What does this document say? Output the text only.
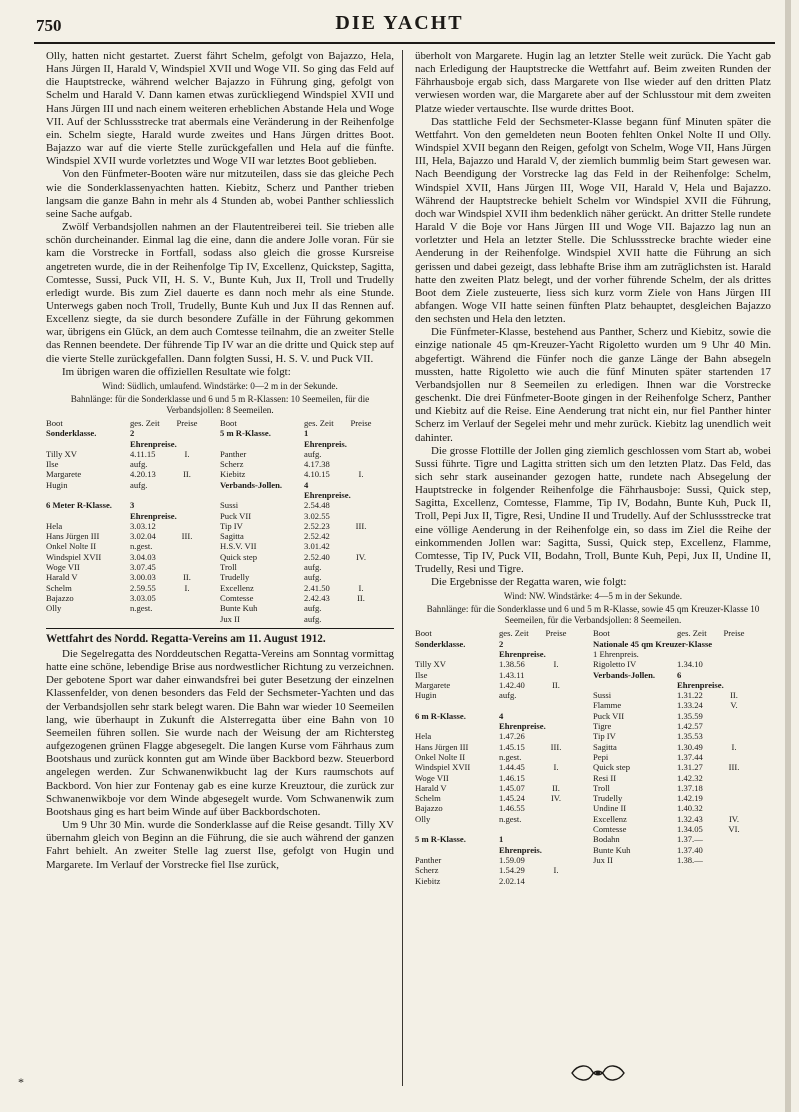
750	DIE YACHT

Olly, hatten nicht gestartet. Zuerst fährt Schelm, gefolgt von Bajazzo, Hela, Hans Jürgen II, Harald V, Windspiel XVII und Woge VII. So ging das Feld auf die Hauptstrecke, während welcher Bajazzo in Führung ging, gefolgt von Schelm und Harald V. Dann kamen etwas zurückliegend Windspiel XVII und Hans Jürgen III und nach einem weiteren erheblichen Abstande Hela und Woge VII. Auf der Schlussstrecke trat abermals eine Veränderung in der Reihenfolge ein. Schelm siegte, Harald wurde zweites und Hans Jürgen drittes Boot. Bajazzo war auf die vierte Stelle zurückgefallen und Hela auf die fünfte. Windspiel XVII wurde vorletztes und Woge VII war letztes Boot geblieben.

Von den Fünfmeter-Booten wäre nur mitzuteilen, dass sie das gleiche Pech wie die Sonderklassenyachten hatten. Kiebitz, Scherz und Panther trieben langsam die ganze Bahn in mehr als 4 Stunden ab, wobei Panther schliesslich seine Sache aufgab.

Zwölf Verbandsjollen nahmen an der Flautentreiberei teil. Sie trieben alle schön durcheinander. Einmal lag die eine, dann die andere Jolle voran. Für sie kam die Vorstrecke in Fortfall, sodass also gleich die grosse Kursreise angetreten wurde, die in der Reihenfolge Tip IV, Excellenz, Quickstep, Sagitta, Comtesse, Sussi, Puck VII, H. S. V., Bunte Kuh, Jux II, Troll und Trudelly erledigt wurde. Bis zum Ziel dauerte es dann noch mehr als eine Stunde. Unterwegs gaben noch Troll, Trudelly, Bunte Kuh und Jux II das Rennen auf. Excellenz siegte, da sie durch besondere Zufälle in der Führung gekommen war, übrigens ein Glück, an dem auch Comtesse teilnahm, die an zweiter Stelle das Rennen beendete. Der führende Tip IV war an die dritte und Quick step auf die vierte Stelle zurückgefallen. Dann folgten Sussi, H. S. V. und Puck VII.

Im übrigen waren die offiziellen Resultate wie folgt:

Wind: Südlich, umlaufend. Windstärke: 0—2 m in der Sekunde.
Bahnlänge: für die Sonderklasse und 6 und 5 m R-Klassen: 10 Seemeilen, für die Verbandsjollen: 8 Seemeilen.
Boot	ges. Zeit	Preise
Sonderklasse.	2 Ehrenpreise.

Tilly XV	4.11.15	I.
Ilse	aufg.

Margarete	4.20.13	II.
Hugin	aufg.

6 Meter R-Klasse.	3 Ehrenpreise.

Hela	3.03.12

Hans Jürgen III	3.02.04	III.
Onkel Nolte II	n.gest.

Windspiel XVII	3.04.03

Woge VII	3.07.45

Harald V	3.00.03	II.
Schelm	2.59.55	I.
Bajazzo	3.03.05

Olly	n.gest.

Boot	ges. Zeit	Preise
5 m R-Klasse.	1 Ehrenpreis.

Panther	aufg.

Scherz	4.17.38

Kiebitz	4.10.15	I.
Verbands-Jollen.	4 Ehrenpreise.

Sussi	2.54.48

Puck VII	3.02.55

Tip IV	2.52.23	III.
Sagitta	2.52.42

H.S.V. VII	3.01.42

Quick step	2.52.40	IV.
Troll	aufg.

Trudelly	aufg.

Excellenz	2.41.50	I.
Comtesse	2.42.43	II.
Bunte Kuh	aufg.

Jux II	aufg.

Wettfahrt des Nordd. Regatta-Vereins am 11. August 1912.

Die Segelregatta des Norddeutschen Regatta-Vereins am Sonntag vormittag hatte eine schöne, lebendige Brise aus nordwestlicher Richtung zu verzeichnen. Der gebotene Sport war daher einwandsfrei bei guter Besetzung der einzelnen Klassenfelder, von denen besonders das Feld der Sechsmeter-Yachten und das der Verbandsjollen sehr stark belegt waren. Die Bahn war wieder 10 Seemeilen lang, wie überhaupt in Zukunft die Alsterregatta über eine Bahn von 10 Seemeilen führen sollen. Sie wurde nach der Weisung der am Richtersteg aufgezogenen grünen Flagge abgesegelt. Die langen Kurse vom Fährhaus zum Bootshaus und zurück konnten gut am Winde über Backbord bezw. Steuerbord angelegen werden. Zur Schwanenwikbucht lag der Kurs raumschots auf Backbord. Von hier zur Fontenay gab es eine kurze Kreuztour, die zurück zur Schwanenwikboje vor dem Winde abgesegelt wurde. Vom Schwanenwik zum Bootshaus ging es hart beim Winde auf über Backbordschoten.

Um 9 Uhr 30 Min. wurde die Sonderklasse auf die Reise gesandt. Tilly XV übernahm gleich von Beginn an die Führung, die sie auch während der ganzen Fahrt behielt. An zweiter Stelle lag zuerst Ilse, gefolgt von Hugin und Margarete. Im Verlauf der Vorstrecke fiel Ilse zurück,

überholt von Margarete. Hugin lag an letzter Stelle weit zurück. Die Yacht gab nach Erledigung der Hauptstrecke die Wettfahrt auf. Beim zweiten Runden der Fährhausboje ergab sich, dass Margarete von Ilse wieder auf den dritten Platz verwiesen worden war, die Margarete aber auf der Schlusstour mit dem zweiten Platze wieder vertauschte. Ilse wurde drittes Boot.

Das stattliche Feld der Sechsmeter-Klasse begann fünf Minuten später die Wettfahrt. Von den gemeldeten neun Booten fehlten Onkel Nolte II und Olly. Windspiel XVII begann den Reigen, gefolgt von Schelm, Woge VII, Hans Jürgen III, Hela, Bajazzo und Harald V, der ziemlich bummlig beim Start gewesen war. Nach Beendigung der Vorstrecke lag das Feld in der Reihenfolge: Schelm, Windspiel XVII, Hans Jürgen III, Woge VII, Harald V, Hela und Bajazzo. Während der Hauptstrecke behielt Schelm vor Windspiel XVII die Führung, doch war Windspiel XVII ihm bedenklich näher gerückt. An dritter Stelle rundete Harald V die Boje vor Hans Jürgen III und Woge VII. Bajazzo lag nun an vorletzter und Hela an letzter Stelle. Die Schlussstrecke brachte wieder eine Aenderung in der Reihenfolge. Windspiel XVII hatte die Führung an sich gerissen und dabei gezeigt, dass lebhafte Brise ihm am zuträglichsten ist. Harald hatte den zweiten Platz belegt, und der vorher führende Schelm, der als drittes Boot dem Ziele zusteuerte, liess sich kurz vorm Ziele von Hans Jürgen III abfangen. Woge VII hatte seinen fünften Platz behauptet, desgleichen Bajazzo den sechsten und Hela den letzten.

Die Fünfmeter-Klasse, bestehend aus Panther, Scherz und Kiebitz, sowie die einzige nationale 45 qm-Kreuzer-Yacht Rigoletto wurden um 9 Uhr 40 Min. abgefertigt. Während die Fünfer noch die ganze Länge der Bahn absegeln mussten, hatte Rigoletto wie auch die fünf Minuten später startenden 17 Verbandsjollen nur 8 Seemeilen zu erledigen. Ihnen war die Vorstrecke geschenkt. Die drei Fünfmeter-Boote gingen in der Reihenfolge Scherz, Panther und Kiebitz auf die Reise. Eine Aenderung trat nicht ein, nur fiel Panther hinter Scherz im Verlauf der Segelei mehr und mehr zurück. Kiebitz lag unendlich weit dahinter.

Die grosse Flottille der Jollen ging ziemlich geschlossen vom Start ab, wobei Sussi führte. Tigre und Lagitta stritten sich um den letzten Platz. Das Feld, das sich sehr stark auseinander gezogen hatte, rundete nach Absegelung der Hauptstrecke in folgender Reihenfolge die Fährhausboje: Sussi, Quick step, Sagitta, Excellenz, Comtesse, Flamme, Tip IV, Bodahn, Bunte Kuh, Puck II, Troll, Pepi Jux II, Tigre, Resi, Undine II und Trudelly. Auf der Schlussstrecke trat eine völlige Aenderung in der Reihenfolge ein, so dass im Ziel die Reihe der einkommenden Jollen war: Sagitta, Sussi, Quick step, Excellenz, Flamme, Comtesse, Tip IV, Puck VII, Bodahn, Troll, Bunte Kuh, Pepi, Jux II, Undine II, Trudelly, Resi und Tigre.

Die Ergebnisse der Regatta waren, wie folgt:

Wind: NW. Windstärke: 4—5 m in der Sekunde.
Bahnlänge: für die Sonderklasse und 6 und 5 m R-Klasse, sowie 45 qm Kreuzer-Klasse 10 Seemeilen, für die Verbandsjollen: 8 Seemeilen.
Boot	ges. Zeit	Preise
Sonderklasse.	2 Ehrenpreise.

Tilly XV	1.38.56	I.
Ilse	1.43.11

Margarete	1.42.40	II.
Hugin	aufg.

6 m R-Klasse.	4 Ehrenpreise.

Hela	1.47.26

Hans Jürgen III	1.45.15	III.
Onkel Nolte II	n.gest.

Windspiel XVII	1.44.45	I.
Woge VII	1.46.15

Harald V	1.45.07	II.
Schelm	1.45.24	IV.
Bajazzo	1.46.55

Olly	n.gest.

5 m R-Klasse.	1 Ehrenpreis.

Panther	1.59.09

Scherz	1.54.29	I.
Kiebitz	2.02.14

Boot	ges. Zeit	Preise
Nationale 45 qm Kreuzer-Klasse

1 Ehrenpreis.

Rigoletto IV	1.34.10

Verbands-Jollen.	6 Ehrenpreise.

Sussi	1.31.22	II.
Flamme	1.33.24	V.
Puck VII	1.35.59

Tigre	1.42.57

Tip IV	1.35.53

Sagitta	1.30.49	I.
Pepi	1.37.44

Quick step	1.31.27	III.
Resi II	1.42.32

Troll	1.37.18

Trudelly	1.42.19

Undine II	1.40.32

Excellenz	1.32.43	IV.
Comtesse	1.34.05	VI.
Bodahn	1.37.—

Bunte Kuh	1.37.40

Jux II	1.38.—

*
